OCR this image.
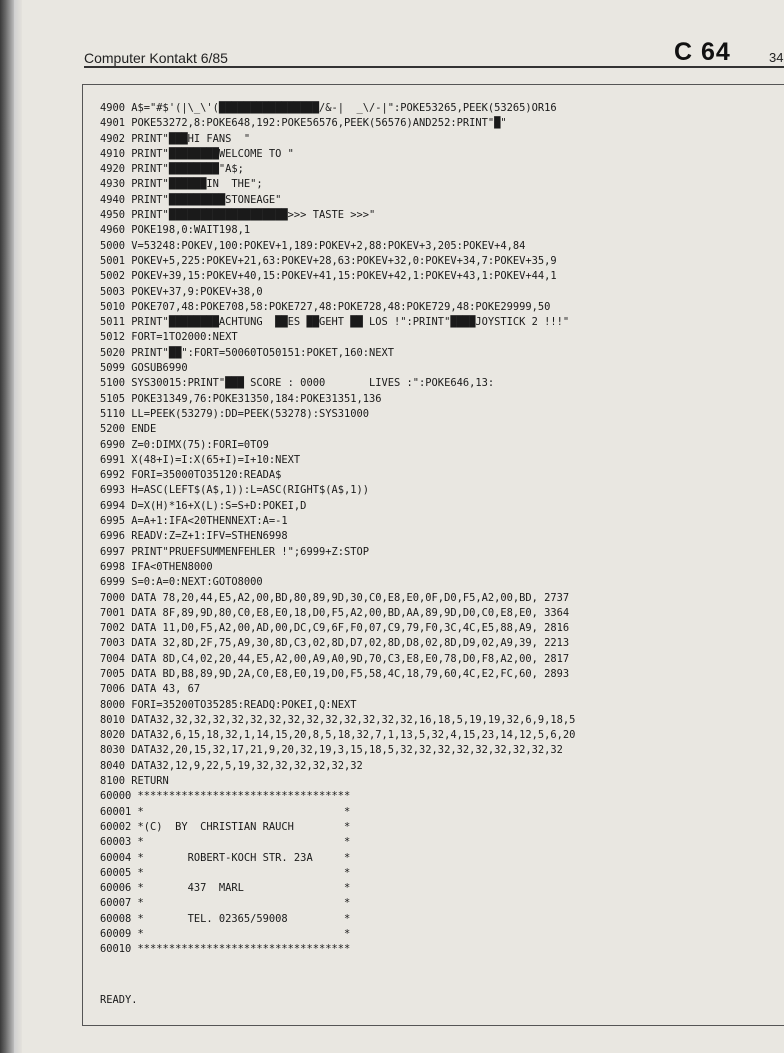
Computer Kontakt 6/85	C 64	34
4900 A$="#$'(|\_\'(████████████████/&-|  _\/-|":POKE53265,PEEK(53265)OR16
4901 POKE53272,8:POKE648,192:POKE56576,PEEK(56576)AND252:PRINT"█"
4902 PRINT"███HI FANS  "
4910 PRINT"████████WELCOME TO "
4920 PRINT"████████"A$;
4930 PRINT"██████IN  THE";
4940 PRINT"█████████STONEAGE"
4950 PRINT"███████████████████>>> TASTE >>>"
4960 POKE198,0:WAIT198,1
5000 V=53248:POKEV,100:POKEV+1,189:POKEV+2,88:POKEV+3,205:POKEV+4,84
5001 POKEV+5,225:POKEV+21,63:POKEV+28,63:POKEV+32,0:POKEV+34,7:POKEV+35,9
5002 POKEV+39,15:POKEV+40,15:POKEV+41,15:POKEV+42,1:POKEV+43,1:POKEV+44,1
5003 POKEV+37,9:POKEV+38,0
5010 POKE707,48:POKE708,58:POKE727,48:POKE728,48:POKE729,48:POKE29999,50
5011 PRINT"████████ACHTUNG  ██ES ██GEHT ██ LOS !":PRINT"████JOYSTICK 2 !!!"
5012 FORT=1TO2000:NEXT
5020 PRINT"██":FORT=50060TO50151:POKET,160:NEXT
5099 GOSUB6990
5100 SYS30015:PRINT"███ SCORE : 0000       LIVES :":POKE646,13:
5105 POKE31349,76:POKE31350,184:POKE31351,136
5110 LL=PEEK(53279):DD=PEEK(53278):SYS31000
5200 ENDE
6990 Z=0:DIMX(75):FORI=0TO9
6991 X(48+I)=I:X(65+I)=I+10:NEXT
6992 FORI=35000TO35120:READA$
6993 H=ASC(LEFT$(A$,1)):L=ASC(RIGHT$(A$,1))
6994 D=X(H)*16+X(L):S=S+D:POKEI,D
6995 A=A+1:IFA<20THENNEXT:A=-1
6996 READV:Z=Z+1:IFV=STHEN6998
6997 PRINT"PRUEFSUMMENFEHLER !";6999+Z:STOP
6998 IFA<0THEN8000
6999 S=0:A=0:NEXT:GOTO8000
7000 DATA 78,20,44,E5,A2,00,BD,80,89,9D,30,C0,E8,E0,0F,D0,F5,A2,00,BD, 2737
7001 DATA 8F,89,9D,80,C0,E8,E0,18,D0,F5,A2,00,BD,AA,89,9D,D0,C0,E8,E0, 3364
7002 DATA 11,D0,F5,A2,00,AD,00,DC,C9,6F,F0,07,C9,79,F0,3C,4C,E5,88,A9, 2816
7003 DATA 32,8D,2F,75,A9,30,8D,C3,02,8D,D7,02,8D,D8,02,8D,D9,02,A9,39, 2213
7004 DATA 8D,C4,02,20,44,E5,A2,00,A9,A0,9D,70,C3,E8,E0,78,D0,F8,A2,00, 2817
7005 DATA BD,B8,89,9D,2A,C0,E8,E0,19,D0,F5,58,4C,18,79,60,4C,E2,FC,60, 2893
7006 DATA 43, 67
8000 FORI=35200TO35285:READQ:POKEI,Q:NEXT
8010 DATA32,32,32,32,32,32,32,32,32,32,32,32,32,32,16,18,5,19,19,32,6,9,18,5
8020 DATA32,6,15,18,32,1,14,15,20,8,5,18,32,7,1,13,5,32,4,15,23,14,12,5,6,20
8030 DATA32,20,15,32,17,21,9,20,32,19,3,15,18,5,32,32,32,32,32,32,32,32,32
8040 DATA32,12,9,22,5,19,32,32,32,32,32,32
8100 RETURN
60000 **********************************
60001 *                                *
60002 *(C)  BY  CHRISTIAN RAUCH        *
60003 *                                *
60004 *       ROBERT-KOCH STR. 23A     *
60005 *                                *
60006 *       437  MARL                *
60007 *                                *
60008 *       TEL. 02365/59008         *
60009 *                                *
60010 **********************************
READY.
